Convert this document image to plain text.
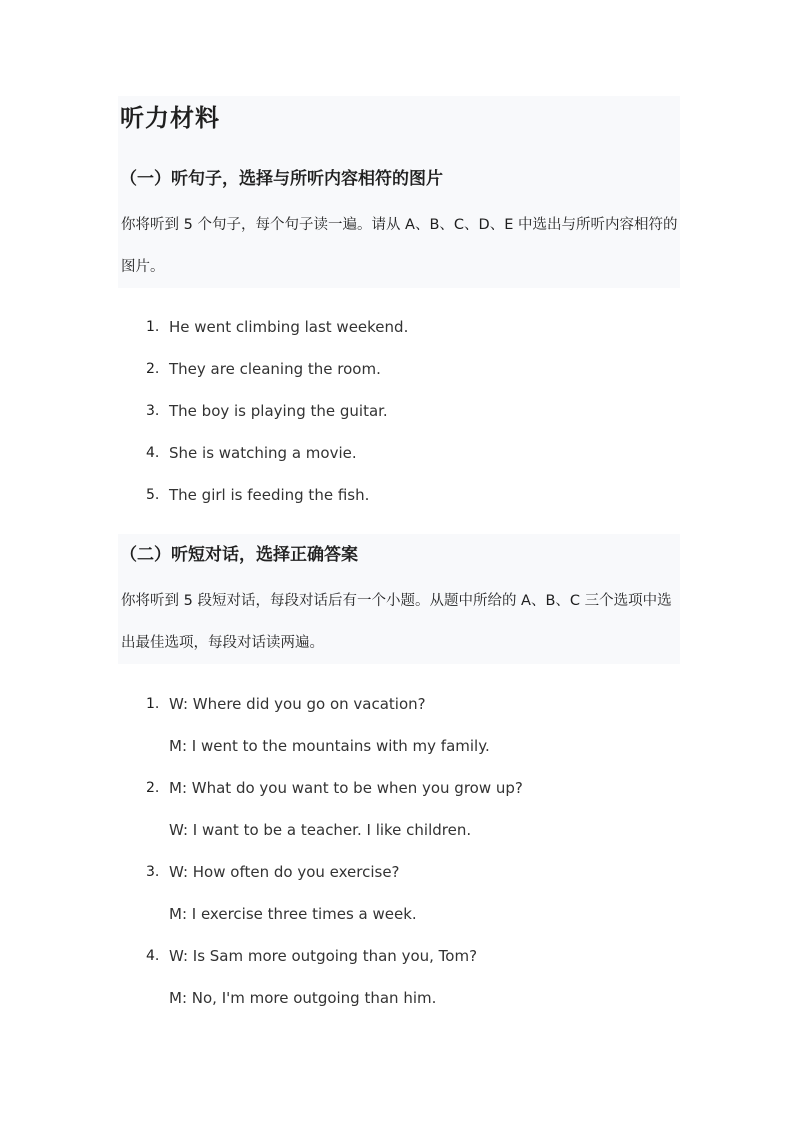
听力材料
（一）听句子，选择与所听内容相符的图片
你将听到 5 个句子，每个句子读一遍。请从 A、B、C、D、E 中选出与所听内容相符的图片。
1. He went climbing last weekend.
2. They are cleaning the room.
3. The boy is playing the guitar.
4. She is watching a movie.
5. The girl is feeding the fish.
（二）听短对话，选择正确答案
你将听到 5 段短对话，每段对话后有一个小题。从题中所给的 A、B、C 三个选项中选出最佳选项，每段对话读两遍。
1. W: Where did you go on vacation?
M: I went to the mountains with my family.
2. M: What do you want to be when you grow up?
W: I want to be a teacher. I like children.
3. W: How often do you exercise?
M: I exercise three times a week.
4. W: Is Sam more outgoing than you, Tom?
M: No, I'm more outgoing than him.
